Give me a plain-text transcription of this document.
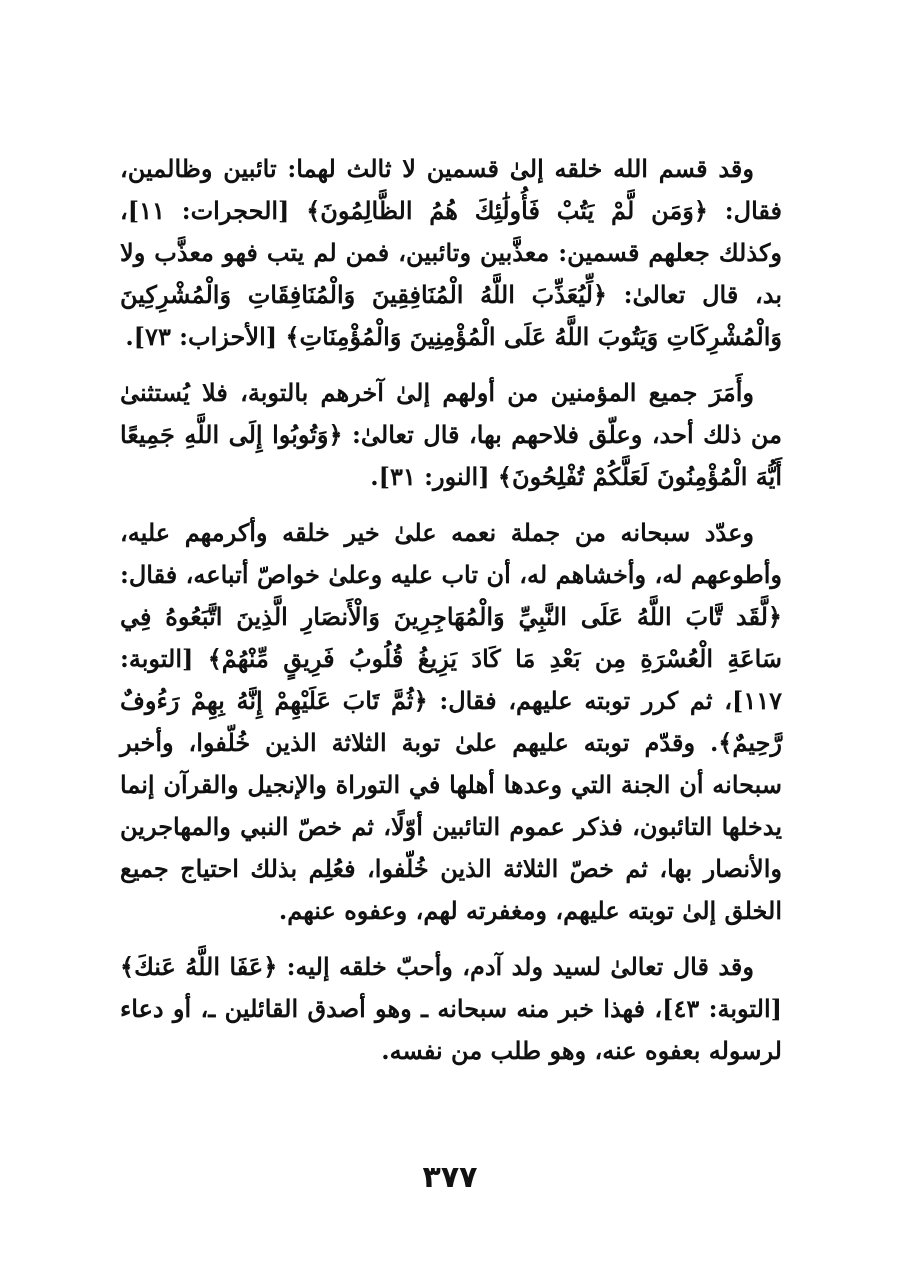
وقد قسم الله خلقه إلىٰ قسمين لا ثالث لهما: تائبين وظالمين، فقال: ﴿وَمَن لَّمْ يَتُبْ فَأُولَٰئِكَ هُمُ الظَّالِمُونَ﴾ [الحجرات: ١١]، وكذلك جعلهم قسمين: معذَّبين وتائبين، فمن لم يتب فهو معذَّب ولا بد، قال تعالىٰ: ﴿لِّيُعَذِّبَ اللَّهُ الْمُنَافِقِينَ وَالْمُنَافِقَاتِ وَالْمُشْرِكِينَ وَالْمُشْرِكَاتِ وَيَتُوبَ اللَّهُ عَلَى الْمُؤْمِنِينَ وَالْمُؤْمِنَاتِ﴾ [الأحزاب: ٧٣].

وأَمَرَ جميع المؤمنين من أولهم إلىٰ آخرهم بالتوبة، فلا يُستثنىٰ من ذلك أحد، وعلّق فلاحهم بها، قال تعالىٰ: ﴿وَتُوبُوا إِلَى اللَّهِ جَمِيعًا أَيُّهَ الْمُؤْمِنُونَ لَعَلَّكُمْ تُفْلِحُونَ﴾ [النور: ٣١].

وعدّد سبحانه من جملة نعمه علىٰ خير خلقه وأكرمهم عليه، وأطوعهم له، وأخشاهم له، أن تاب عليه وعلىٰ خواصّ أتباعه، فقال: ﴿لَّقَد تَّابَ اللَّهُ عَلَى النَّبِيِّ وَالْمُهَاجِرِينَ وَالْأَنصَارِ الَّذِينَ اتَّبَعُوهُ فِي سَاعَةِ الْعُسْرَةِ مِن بَعْدِ مَا كَادَ يَزِيغُ قُلُوبُ فَرِيقٍ مِّنْهُمْ﴾ [التوبة: ١١٧]، ثم كرر توبته عليهم، فقال: ﴿ثُمَّ تَابَ عَلَيْهِمْ إِنَّهُ بِهِمْ رَءُوفٌ رَّحِيمٌ﴾. وقدّم توبته عليهم علىٰ توبة الثلاثة الذين خُلّفوا، وأخبر سبحانه أن الجنة التي وعدها أهلها في التوراة والإنجيل والقرآن إنما يدخلها التائبون، فذكر عموم التائبين أوّلًا، ثم خصّ النبي والمهاجرين والأنصار بها، ثم خصّ الثلاثة الذين خُلّفوا، فعُلِم بذلك احتياج جميع الخلق إلىٰ توبته عليهم، ومغفرته لهم، وعفوه عنهم.

وقد قال تعالىٰ لسيد ولد آدم، وأحبّ خلقه إليه: ﴿عَفَا اللَّهُ عَنكَ﴾ [التوبة: ٤٣]، فهذا خبر منه سبحانه ـ وهو أصدق القائلين ـ، أو دعاء لرسوله بعفوه عنه، وهو طلب من نفسه.

٣٧٧
